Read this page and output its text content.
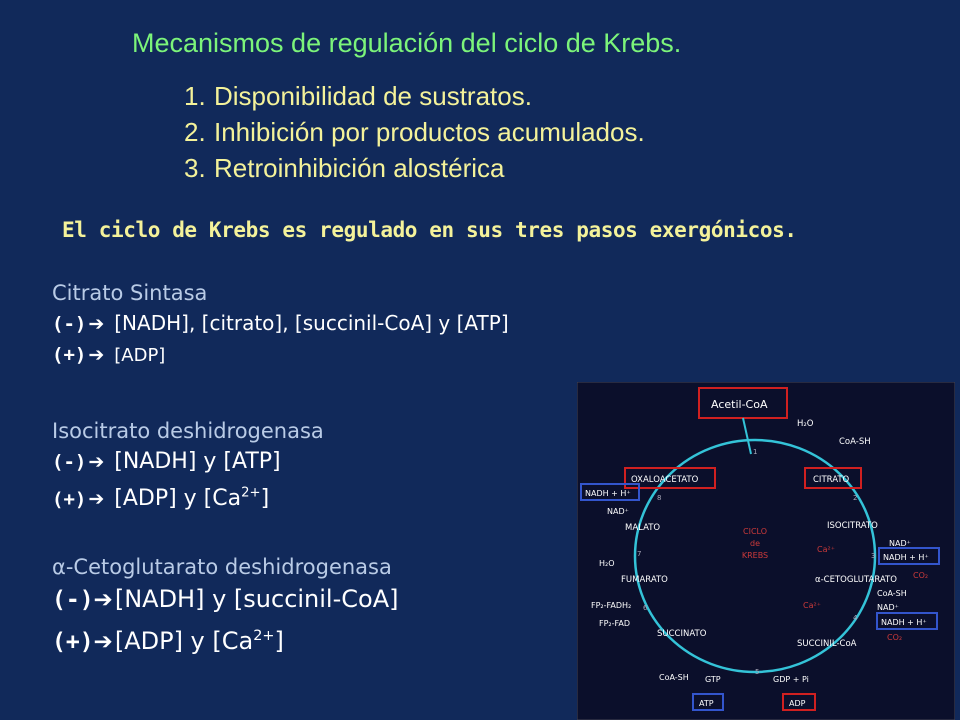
Mecanismos de regulación del ciclo de Krebs.
1. Disponibilidad de sustratos.
2. Inhibición por productos acumulados.
3. Retroinhibición alostérica
El ciclo de Krebs es regulado en sus tres pasos exergónicos.
Citrato Sintasa
(-) ➔ [NADH], [citrato], [succinil-CoA] y [ATP]
(+) ➔ [ADP]
Isocitrato deshidrogenasa
(-) ➔ [NADH] y [ATP]
(+) ➔ [ADP] y $[Ca^{2+}]$
α-Cetoglutarato deshidrogenasa
(-)➔[NADH] y [succinil-CoA]
(+)➔[ADP] y $[Ca^{2+}]$
CICLO
de
KREBS
Acetil-CoA
H₂O
CoA-SH
OXALOACETATO	CITRATO
NADH + H⁺
NAD⁺
MALATO	ISOCITRATO
NAD⁺
NADH + H⁺
CO₂
Ca²⁺
H₂O
FUMARATO	α-CETOGLUTARATO
CoA-SH
NAD⁺
NADH + H⁺
CO₂
Ca²⁺
FP₂-FADH₂
FP₂-FAD
SUCCINATO
SUCCINIL-CoA
CoA-SH GTP	GDP + Pi
ATP	ADP
1
2
3
4
5
6
7
8
